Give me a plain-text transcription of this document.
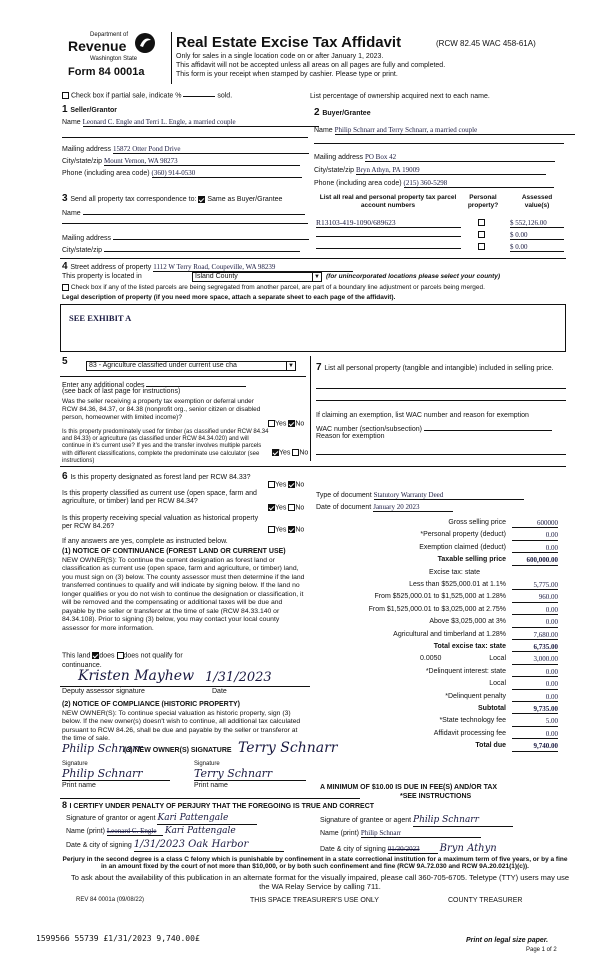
Department of
Revenue
Washington State
Form 84 0001a
Real Estate Excise Tax Affidavit	(RCW 82.45 WAC 458-61A)
Only for sales in a single location code on or after January 1, 2023.
This affidavit will not be accepted unless all areas on all pages are fully and completed.
This form is your receipt when stamped by cashier. Please type or print.
Check box if partial sale, indicate %	sold.	List percentage of ownership acquired next to each name.
1 Seller/Grantor
Name Leonard C. Engle and Terri L. Engle, a married couple
Mailing address 15872 Otter Pond Drive
City/state/zip Mount Vernon, WA 98273
Phone (including area code) (360) 914-0530
2 Buyer/Grantee
Name Philip Schnarr and Terry Schnarr, a married couple
Mailing address PO Box 42
City/state/zip Bryn Athyn, PA 19009
Phone (including area code) (215) 360-5298
3 Send all property tax correspondence to: Same as Buyer/Grantee
Name
Mailing address
City/state/zip
List all real and personal property tax parcel account numbers
Personal property?
Assessed value(s)
R13103-419-1090/689623	$ 552,126.00
$ 0.00
$ 0.00
4 Street address of property 1112 W Terry Road, Coupeville, WA 98239
This property is located in	Island County	▼ (for unincorporated locations please select your county)
Check box if any of the listed parcels are being segregated from another parcel, are part of a boundary line adjustment or parcels being merged.
Legal description of property (if you need more space, attach a separate sheet to each page of the affidavit).
SEE EXHIBIT A
5	83 - Agriculture classified under current use cha	▼
Enter any additional codes
(see back of last page for instructions)
Was the seller receiving a property tax exemption or deferral under RCW 84.36, 84.37, or 84.38 (nonprofit org., senior citizen or disabled person, homeowner with limited income)?
Yes No
Is this property predominately used for timber (as classified under RCW 84.34 and 84.33) or agriculture (as classified under RCW 84.34.020) and will continue in it's current use? If yes and the transfer involves multiple parcels with different classifications, complete the predominate use calculator (see instructions)
Yes No
7 List all personal property (tangible and intangible) included in selling price.
If claiming an exemption, list WAC number and reason for exemption
WAC number (section/subsection)
Reason for exemption
6 Is this property designated as forest land per RCW 84.33?
Yes No
Is this property classified as current use (open space, farm and agriculture, or timber) land per RCW 84.34?
Yes No
Is this property receiving special valuation as historical property per RCW 84.26?	Yes No
If any answers are yes, complete as instructed below.
(1) NOTICE OF CONTINUANCE (FOREST LAND OR CURRENT USE)
NEW OWNER(S): To continue the current designation as forest land or classification as current use (open space, farm and agriculture, or timber) land, you must sign on (3) below. The county assessor must then determine if the land transferred continues to qualify and will indicate by signing below. If the land no longer qualifies or you do not wish to continue the designation or classification, it will be removed and the compensating or additional taxes will be due and payable by the seller or transferor at the time of sale (RCW 84.33.140 or 84.34.108). Prior to signing (3) below, you may contact your local county assessor for more information.
This land does does not qualify for
continuance.
Kristen Mayhew 1/31/2023
Deputy assessor signature	Date
(2) NOTICE OF COMPLIANCE (HISTORIC PROPERTY)
NEW OWNER(S): To continue special valuation as historic property, sign (3) below. If the new owner(s) doesn't wish to continue, all additional tax calculated pursuant to RCW 84.26, shall be due and payable by the seller or transferor at the time of sale.
Philip Schnarr
(3) NEW OWNER(S) SIGNATURE Terry Schnarr
Signature
Philip Schnarr
Signature
Terry Schnarr
Print name	Print name
Type of document Statutory Warranty Deed
Date of document January 20 2023
Gross selling price	600000
*Personal property (deduct)	0.00
Exemption claimed (deduct)	0.00
Taxable selling price	600,000.00
Excise tax: state
Less than $525,000.01 at 1.1%	5,775.00
From $525,000.01 to $1,525,000 at 1.28%	960.00
From $1,525,000.01 to $3,025,000 at 2.75%	0.00
Above $3,025,000 at 3%	0.00
Agricultural and timberland at 1.28%	7,680.00
Total excise tax: state	6,735.00
0.0050	Local	3,000.00
*Delinquent interest: state	0.00
Local	0.00
*Delinquent penalty	0.00
Subtotal	9,735.00
*State technology fee	5.00
Affidavit processing fee	0.00
Total due	9,740.00
A MINIMUM OF $10.00 IS DUE IN FEE(S) AND/OR TAX
*SEE INSTRUCTIONS
8 I CERTIFY UNDER PENALTY OF PERJURY THAT THE FOREGOING IS TRUE AND CORRECT
Signature of grantor or agent Kari Pattengale
Name (print) Leonard C. Engle Kari Pattengale
Date & city of signing 1/31/2023 Oak Harbor
Signature of grantee or agent Philip Schnarr
Name (print) Philip Schnarr
Date & city of signing 01/30/2023 Bryn Athyn
Perjury in the second degree is a class C felony which is punishable by confinement in a state correctional institution for a maximum term of five years, or by a fine in an amount fixed by the court of not more than $10,000, or by both such confinement and fine (RCW 9A.72.030 and RCW 9A.20.021(1)(c)).
To ask about the availability of this publication in an alternate format for the visually impaired, please call 360-705-6705. Teletype (TTY) users may use the WA Relay Service by calling 711.
REV 84 0001a (09/08/22)	THIS SPACE TREASURER'S USE ONLY	COUNTY TREASURER
1599566 55739 £1/31/2023 9,740.00£	Print on legal size paper.
Page 1 of 2
